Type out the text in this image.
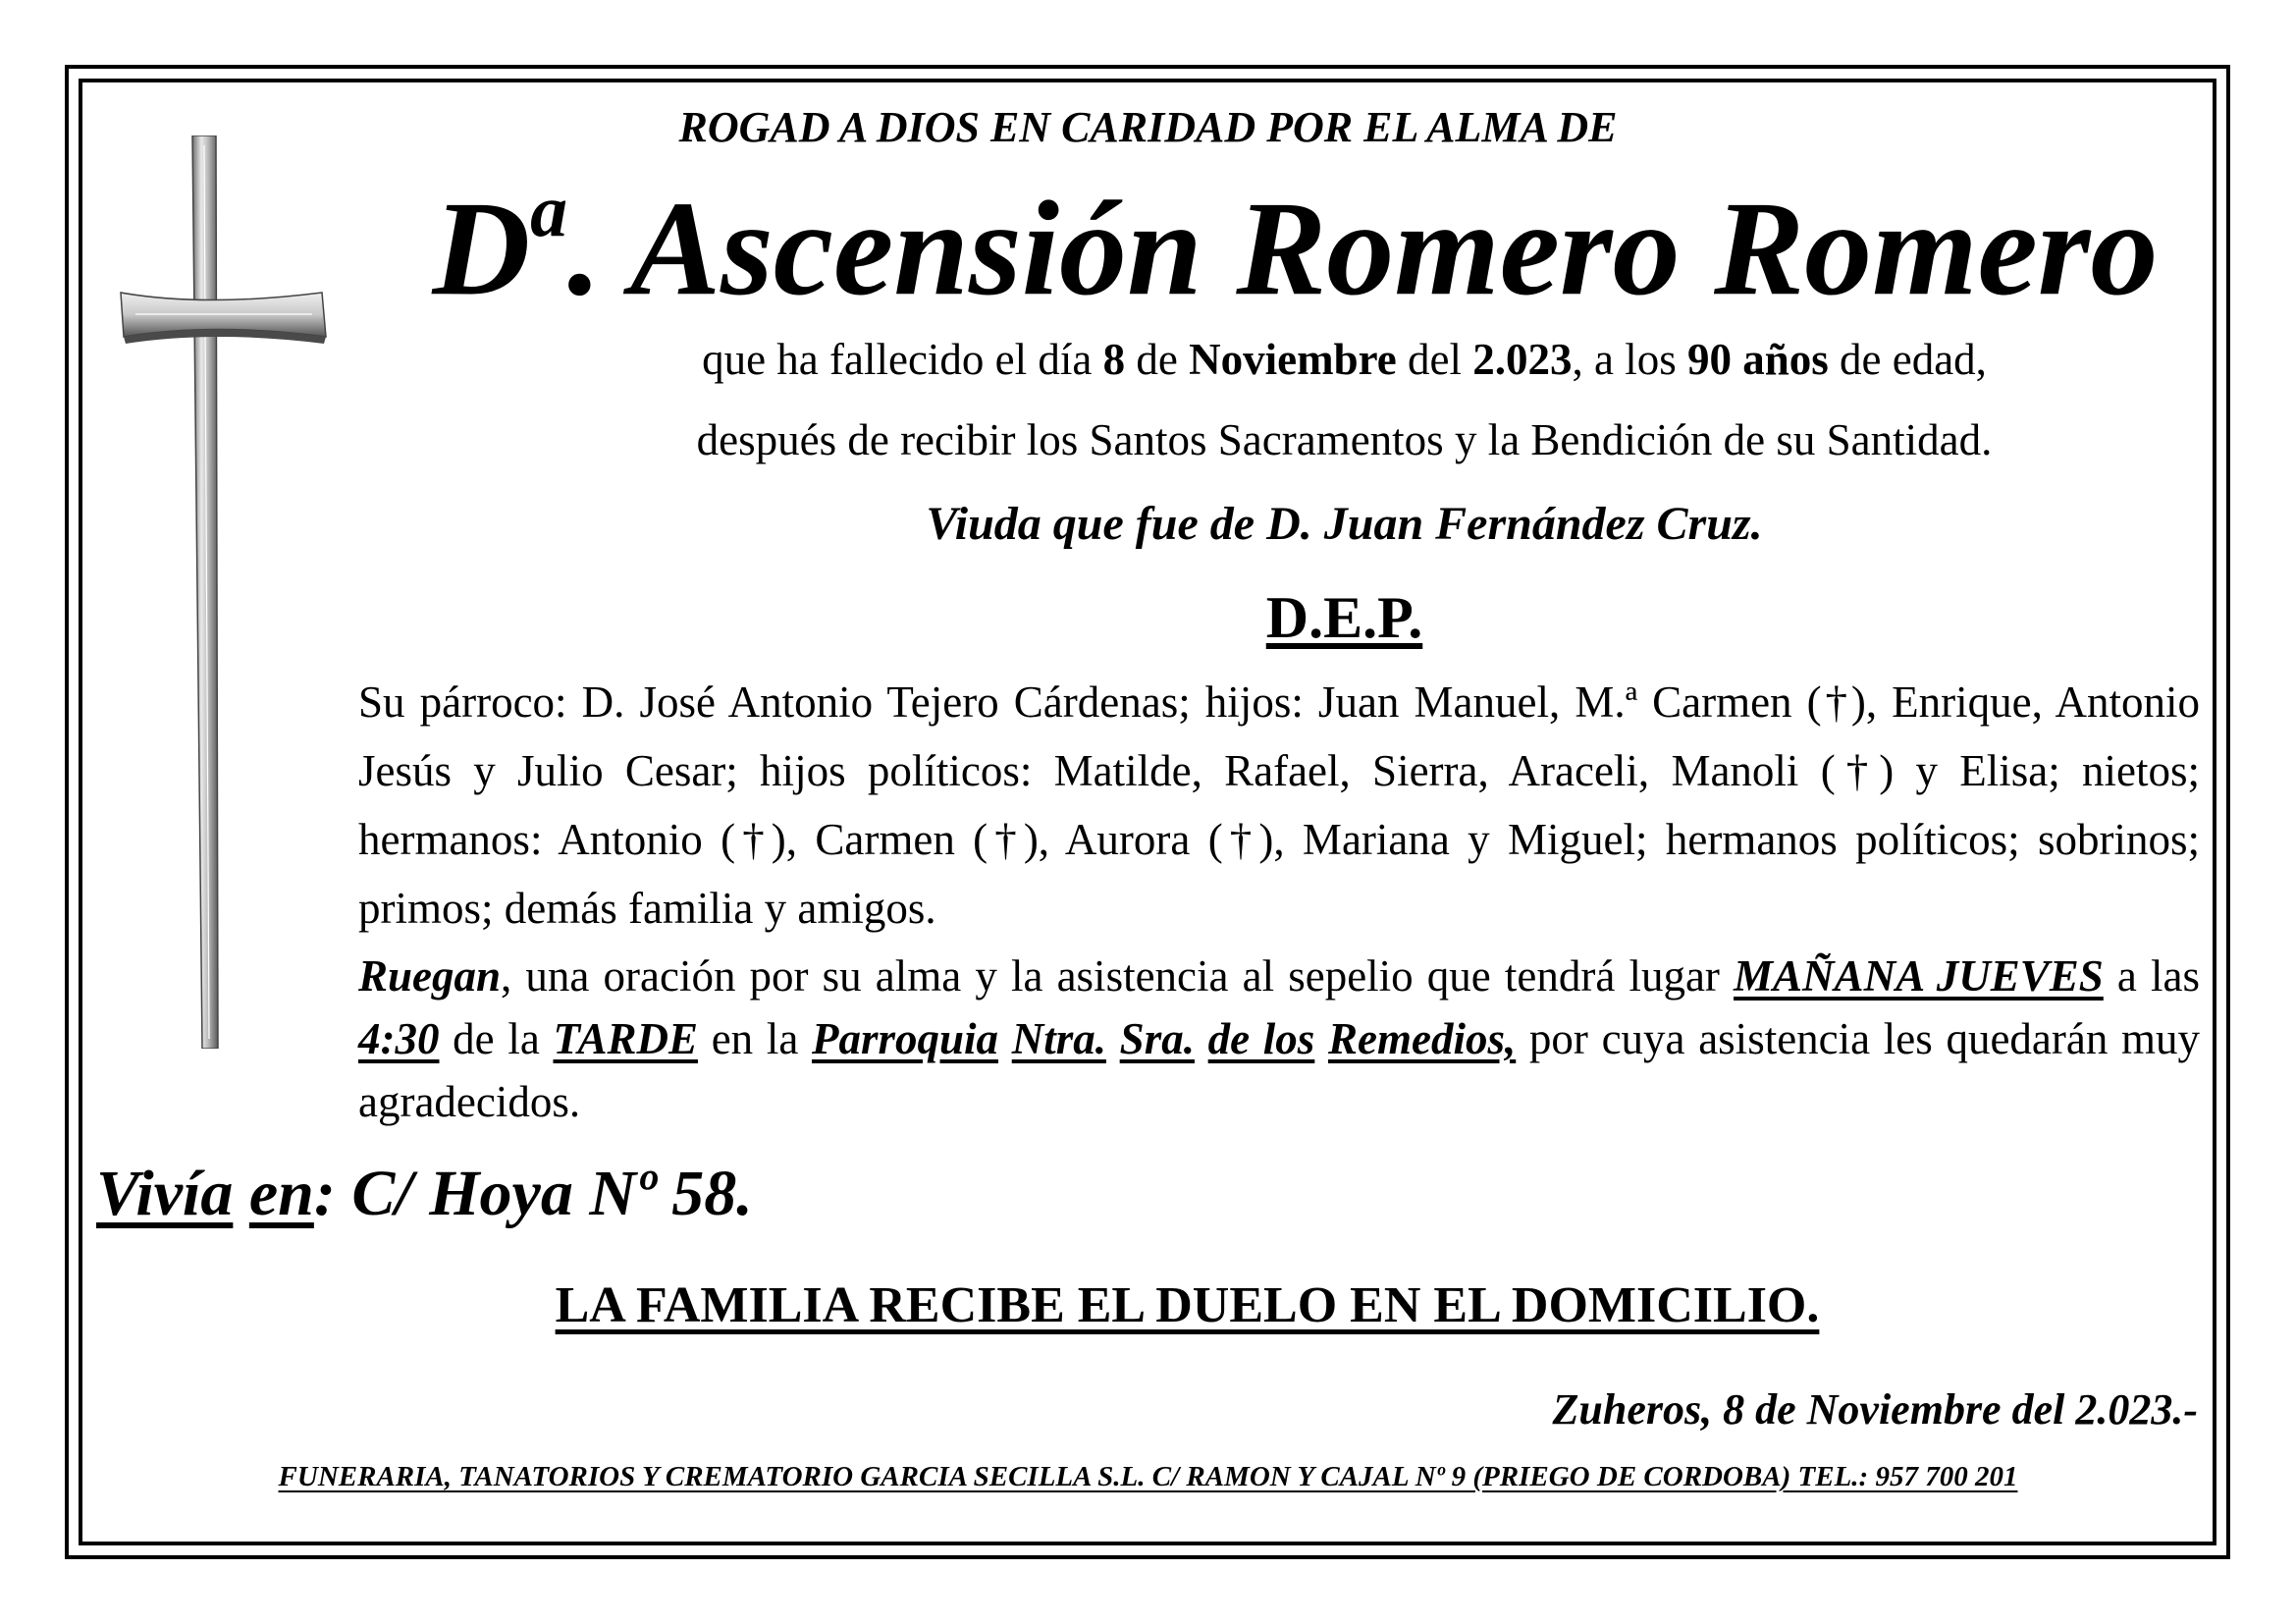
ROGAD A DIOS EN CARIDAD POR EL ALMA DE
$D^a$. Ascensión Romero Romero
que ha fallecido el día 8 de Noviembre del 2.023, a los 90 años de edad,
después de recibir los Santos Sacramentos y la Bendición de su Santidad.
Viuda que fue de D. Juan Fernández Cruz.
D.E.P.
Su párroco: D. José Antonio Tejero Cárdenas; hijos: Juan Manuel, M.ª Carmen (†), Enrique, Antonio Jesús y Julio Cesar; hijos políticos: Matilde, Rafael, Sierra, Araceli, Manoli (†) y Elisa; nietos; hermanos: Antonio (†), Carmen (†), Aurora (†), Mariana y Miguel; hermanos políticos; sobrinos; primos; demás familia y amigos.
Ruegan, una oración por su alma y la asistencia al sepelio que tendrá lugar MAÑANA JUEVES a las 4:30 de la TARDE en la Parroquia Ntra. Sra. de los Remedios, por cuya asistencia les quedarán muy agradecidos.
Vivía en: C/ Hoya Nº 58.
LA FAMILIA RECIBE EL DUELO EN EL DOMICILIO.
Zuheros, 8 de Noviembre del 2.023.-
FUNERARIA, TANATORIOS Y CREMATORIO GARCIA SECILLA S.L. C/ RAMON Y CAJAL Nº 9 (PRIEGO DE CORDOBA) TEL.: 957 700 201
